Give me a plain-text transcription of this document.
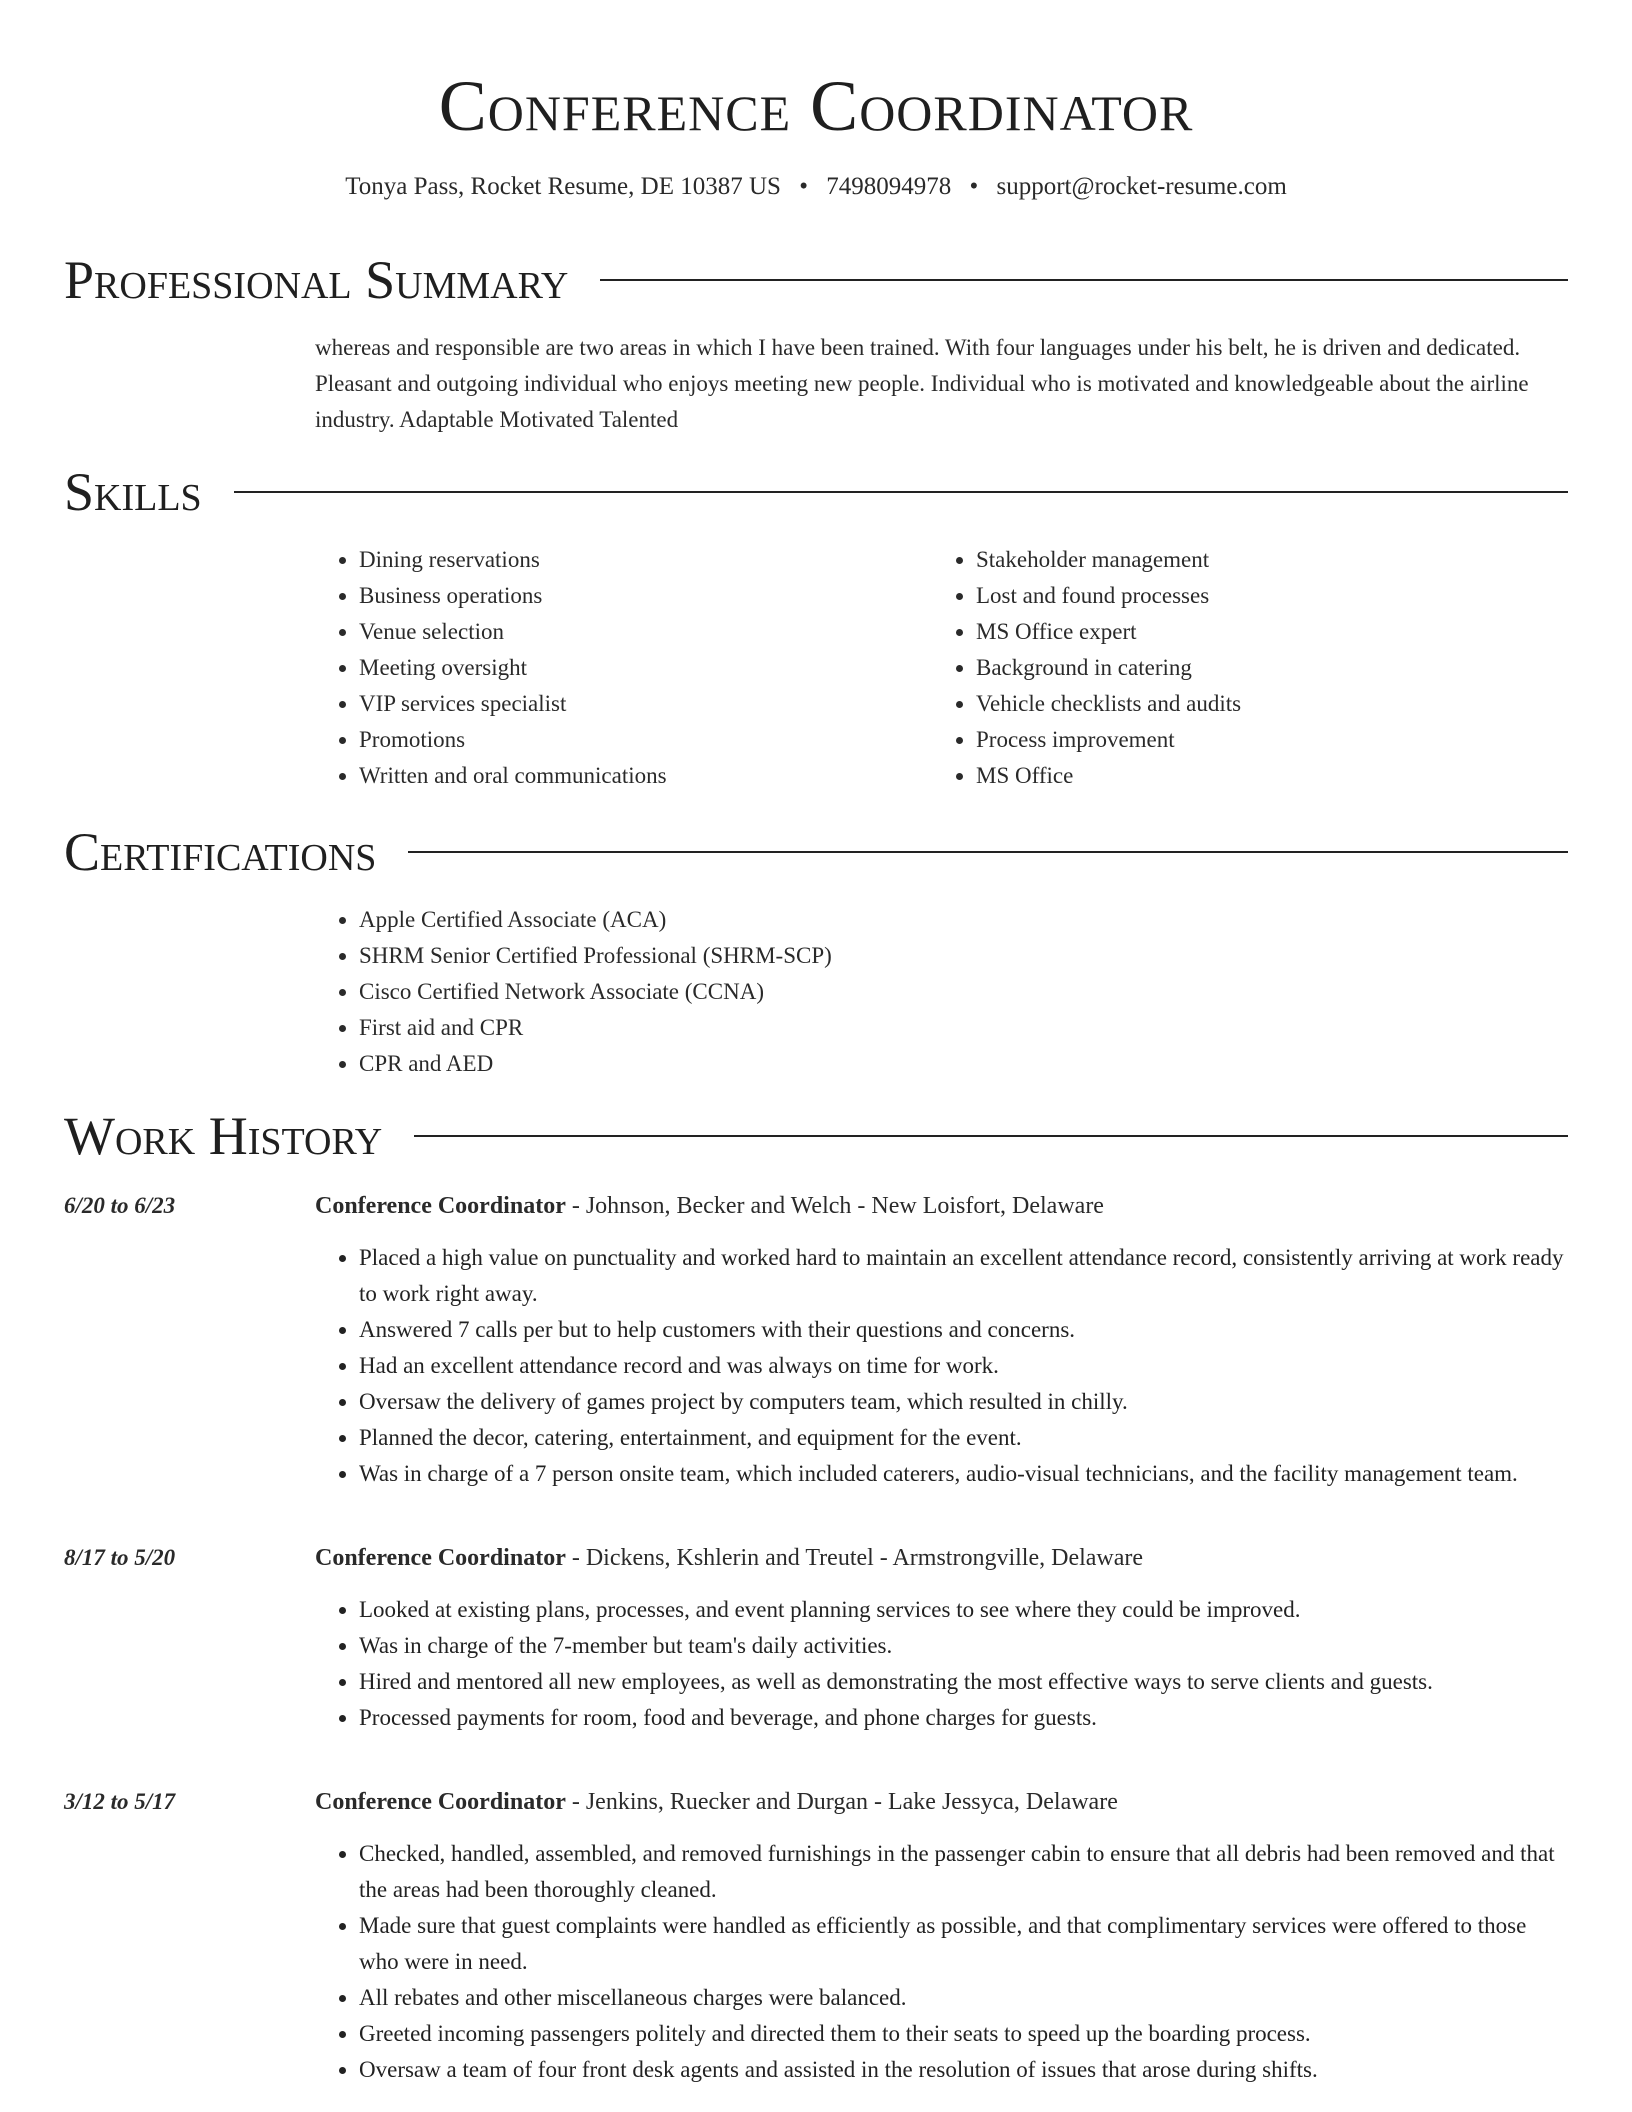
Conference Coordinator
Tonya Pass, Rocket Resume, DE 10387 US • 7498094978 • support@rocket-resume.com
Professional Summary
whereas and responsible are two areas in which I have been trained. With four languages under his belt, he is driven and dedicated. Pleasant and outgoing individual who enjoys meeting new people. Individual who is motivated and knowledgeable about the airline industry. Adaptable Motivated Talented
Skills
• Dining reservations
• Business operations
• Venue selection
• Meeting oversight
• VIP services specialist
• Promotions
• Written and oral communications
• Stakeholder management
• Lost and found processes
• MS Office expert
• Background in catering
• Vehicle checklists and audits
• Process improvement
• MS Office
Certifications
• Apple Certified Associate (ACA)
• SHRM Senior Certified Professional (SHRM-SCP)
• Cisco Certified Network Associate (CCNA)
• First aid and CPR
• CPR and AED
Work History
6/20 to 6/23	Conference Coordinator - Johnson, Becker and Welch - New Loisfort, Delaware
• Placed a high value on punctuality and worked hard to maintain an excellent attendance record, consistently arriving at work ready to work right away.
• Answered 7 calls per but to help customers with their questions and concerns.
• Had an excellent attendance record and was always on time for work.
• Oversaw the delivery of games project by computers team, which resulted in chilly.
• Planned the decor, catering, entertainment, and equipment for the event.
• Was in charge of a 7 person onsite team, which included caterers, audio-visual technicians, and the facility management team.
8/17 to 5/20	Conference Coordinator - Dickens, Kshlerin and Treutel - Armstrongville, Delaware
• Looked at existing plans, processes, and event planning services to see where they could be improved.
• Was in charge of the 7-member but team's daily activities.
• Hired and mentored all new employees, as well as demonstrating the most effective ways to serve clients and guests.
• Processed payments for room, food and beverage, and phone charges for guests.
3/12 to 5/17	Conference Coordinator - Jenkins, Ruecker and Durgan - Lake Jessyca, Delaware
• Checked, handled, assembled, and removed furnishings in the passenger cabin to ensure that all debris had been removed and that the areas had been thoroughly cleaned.
• Made sure that guest complaints were handled as efficiently as possible, and that complimentary services were offered to those who were in need.
• All rebates and other miscellaneous charges were balanced.
• Greeted incoming passengers politely and directed them to their seats to speed up the boarding process.
• Oversaw a team of four front desk agents and assisted in the resolution of issues that arose during shifts.
